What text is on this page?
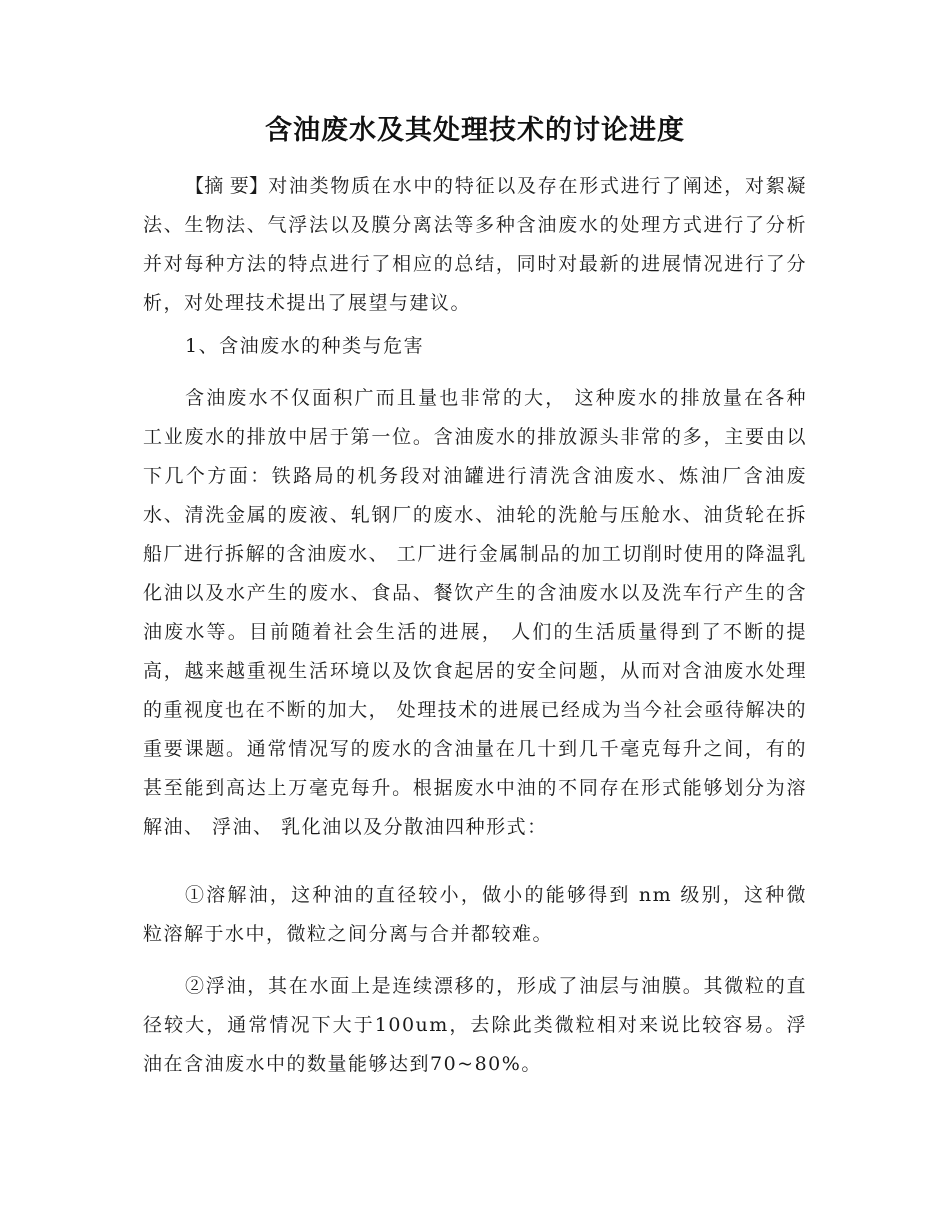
含油废水及其处理技术的讨论进度
【摘 要】对油类物质在水中的特征以及存在形式进行了阐述，对絮凝法、生物法、气浮法以及膜分离法等多种含油废水的处理方式进行了分析并对每种方法的特点进行了相应的总结，同时对最新的进展情况进行了分析，对处理技术提出了展望与建议。
1、含油废水的种类与危害
含油废水不仅面积广而且量也非常的大， 这种废水的排放量在各种工业废水的排放中居于第一位。含油废水的排放源头非常的多，主要由以下几个方面：铁路局的机务段对油罐进行清洗含油废水、炼油厂含油废水、清洗金属的废液、轧钢厂的废水、油轮的洗舱与压舱水、油货轮在拆船厂进行拆解的含油废水、 工厂进行金属制品的加工切削时使用的降温乳化油以及水产生的废水、食品、餐饮产生的含油废水以及洗车行产生的含油废水等。目前随着社会生活的进展， 人们的生活质量得到了不断的提高，越来越重视生活环境以及饮食起居的安全问题，从而对含油废水处理的重视度也在不断的加大， 处理技术的进展已经成为当今社会亟待解决的重要课题。通常情况写的废水的含油量在几十到几千毫克每升之间，有的甚至能到高达上万毫克每升。根据废水中油的不同存在形式能够划分为溶解油、 浮油、 乳化油以及分散油四种形式：
①溶解油，这种油的直径较小，做小的能够得到 nm 级别，这种微粒溶解于水中，微粒之间分离与合并都较难。
②浮油，其在水面上是连续漂移的，形成了油层与油膜。其微粒的直径较大，通常情况下大于100um，去除此类微粒相对来说比较容易。浮油在含油废水中的数量能够达到70~80%。
